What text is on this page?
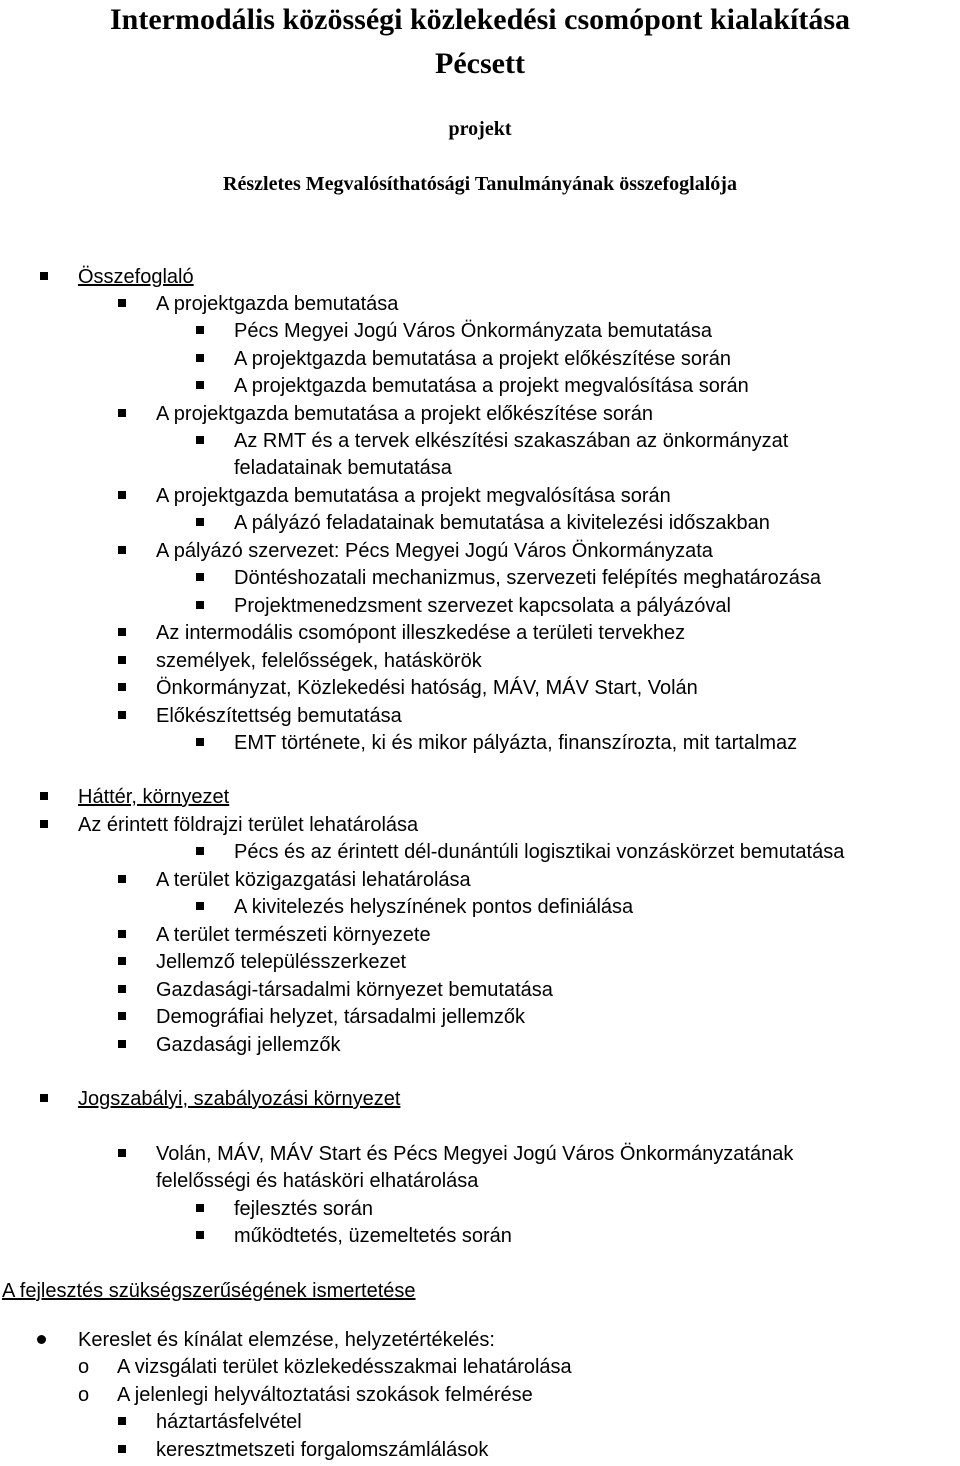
Intermodális közösségi közlekedési csomópont kialakítása
Pécsett
projekt
Részletes Megvalósíthatósági Tanulmányának összefoglalója
Összefoglaló
A projektgazda bemutatása
Pécs Megyei Jogú Város Önkormányzata bemutatása
A projektgazda bemutatása a projekt előkészítése során
A projektgazda bemutatása a projekt megvalósítása során
A projektgazda bemutatása a projekt előkészítése során
Az RMT és a tervek elkészítési szakaszában az önkormányzat
feladatainak bemutatása
A projektgazda bemutatása a projekt megvalósítása során
A pályázó feladatainak bemutatása a kivitelezési időszakban
A pályázó szervezet: Pécs Megyei Jogú Város Önkormányzata
Döntéshozatali mechanizmus, szervezeti felépítés meghatározása
Projektmenedzsment szervezet kapcsolata a pályázóval
Az intermodális csomópont illeszkedése a területi tervekhez
személyek, felelősségek, hatáskörök
Önkormányzat, Közlekedési hatóság, MÁV, MÁV Start, Volán
Előkészítettség bemutatása
EMT története, ki és mikor pályázta, finanszírozta, mit tartalmaz
Háttér, környezet
Az érintett földrajzi terület lehatárolása
Pécs és az érintett dél-dunántúli logisztikai vonzáskörzet bemutatása
A terület közigazgatási lehatárolása
A kivitelezés helyszínének pontos definiálása
A terület természeti környezete
Jellemző településszerkezet
Gazdasági-társadalmi környezet bemutatása
Demográfiai helyzet, társadalmi jellemzők
Gazdasági jellemzők
Jogszabályi, szabályozási környezet
Volán, MÁV, MÁV Start és Pécs Megyei Jogú Város Önkormányzatának
felelősségi és hatásköri elhatárolása
fejlesztés során
működtetés, üzemeltetés során
A fejlesztés szükségszerűségének ismertetése
Kereslet és kínálat elemzése, helyzetértékelés:
o A vizsgálati terület közlekedésszakmai lehatárolása
o A jelenlegi helyváltoztatási szokások felmérése
háztartásfelvétel
keresztmetszeti forgalomszámlálások
